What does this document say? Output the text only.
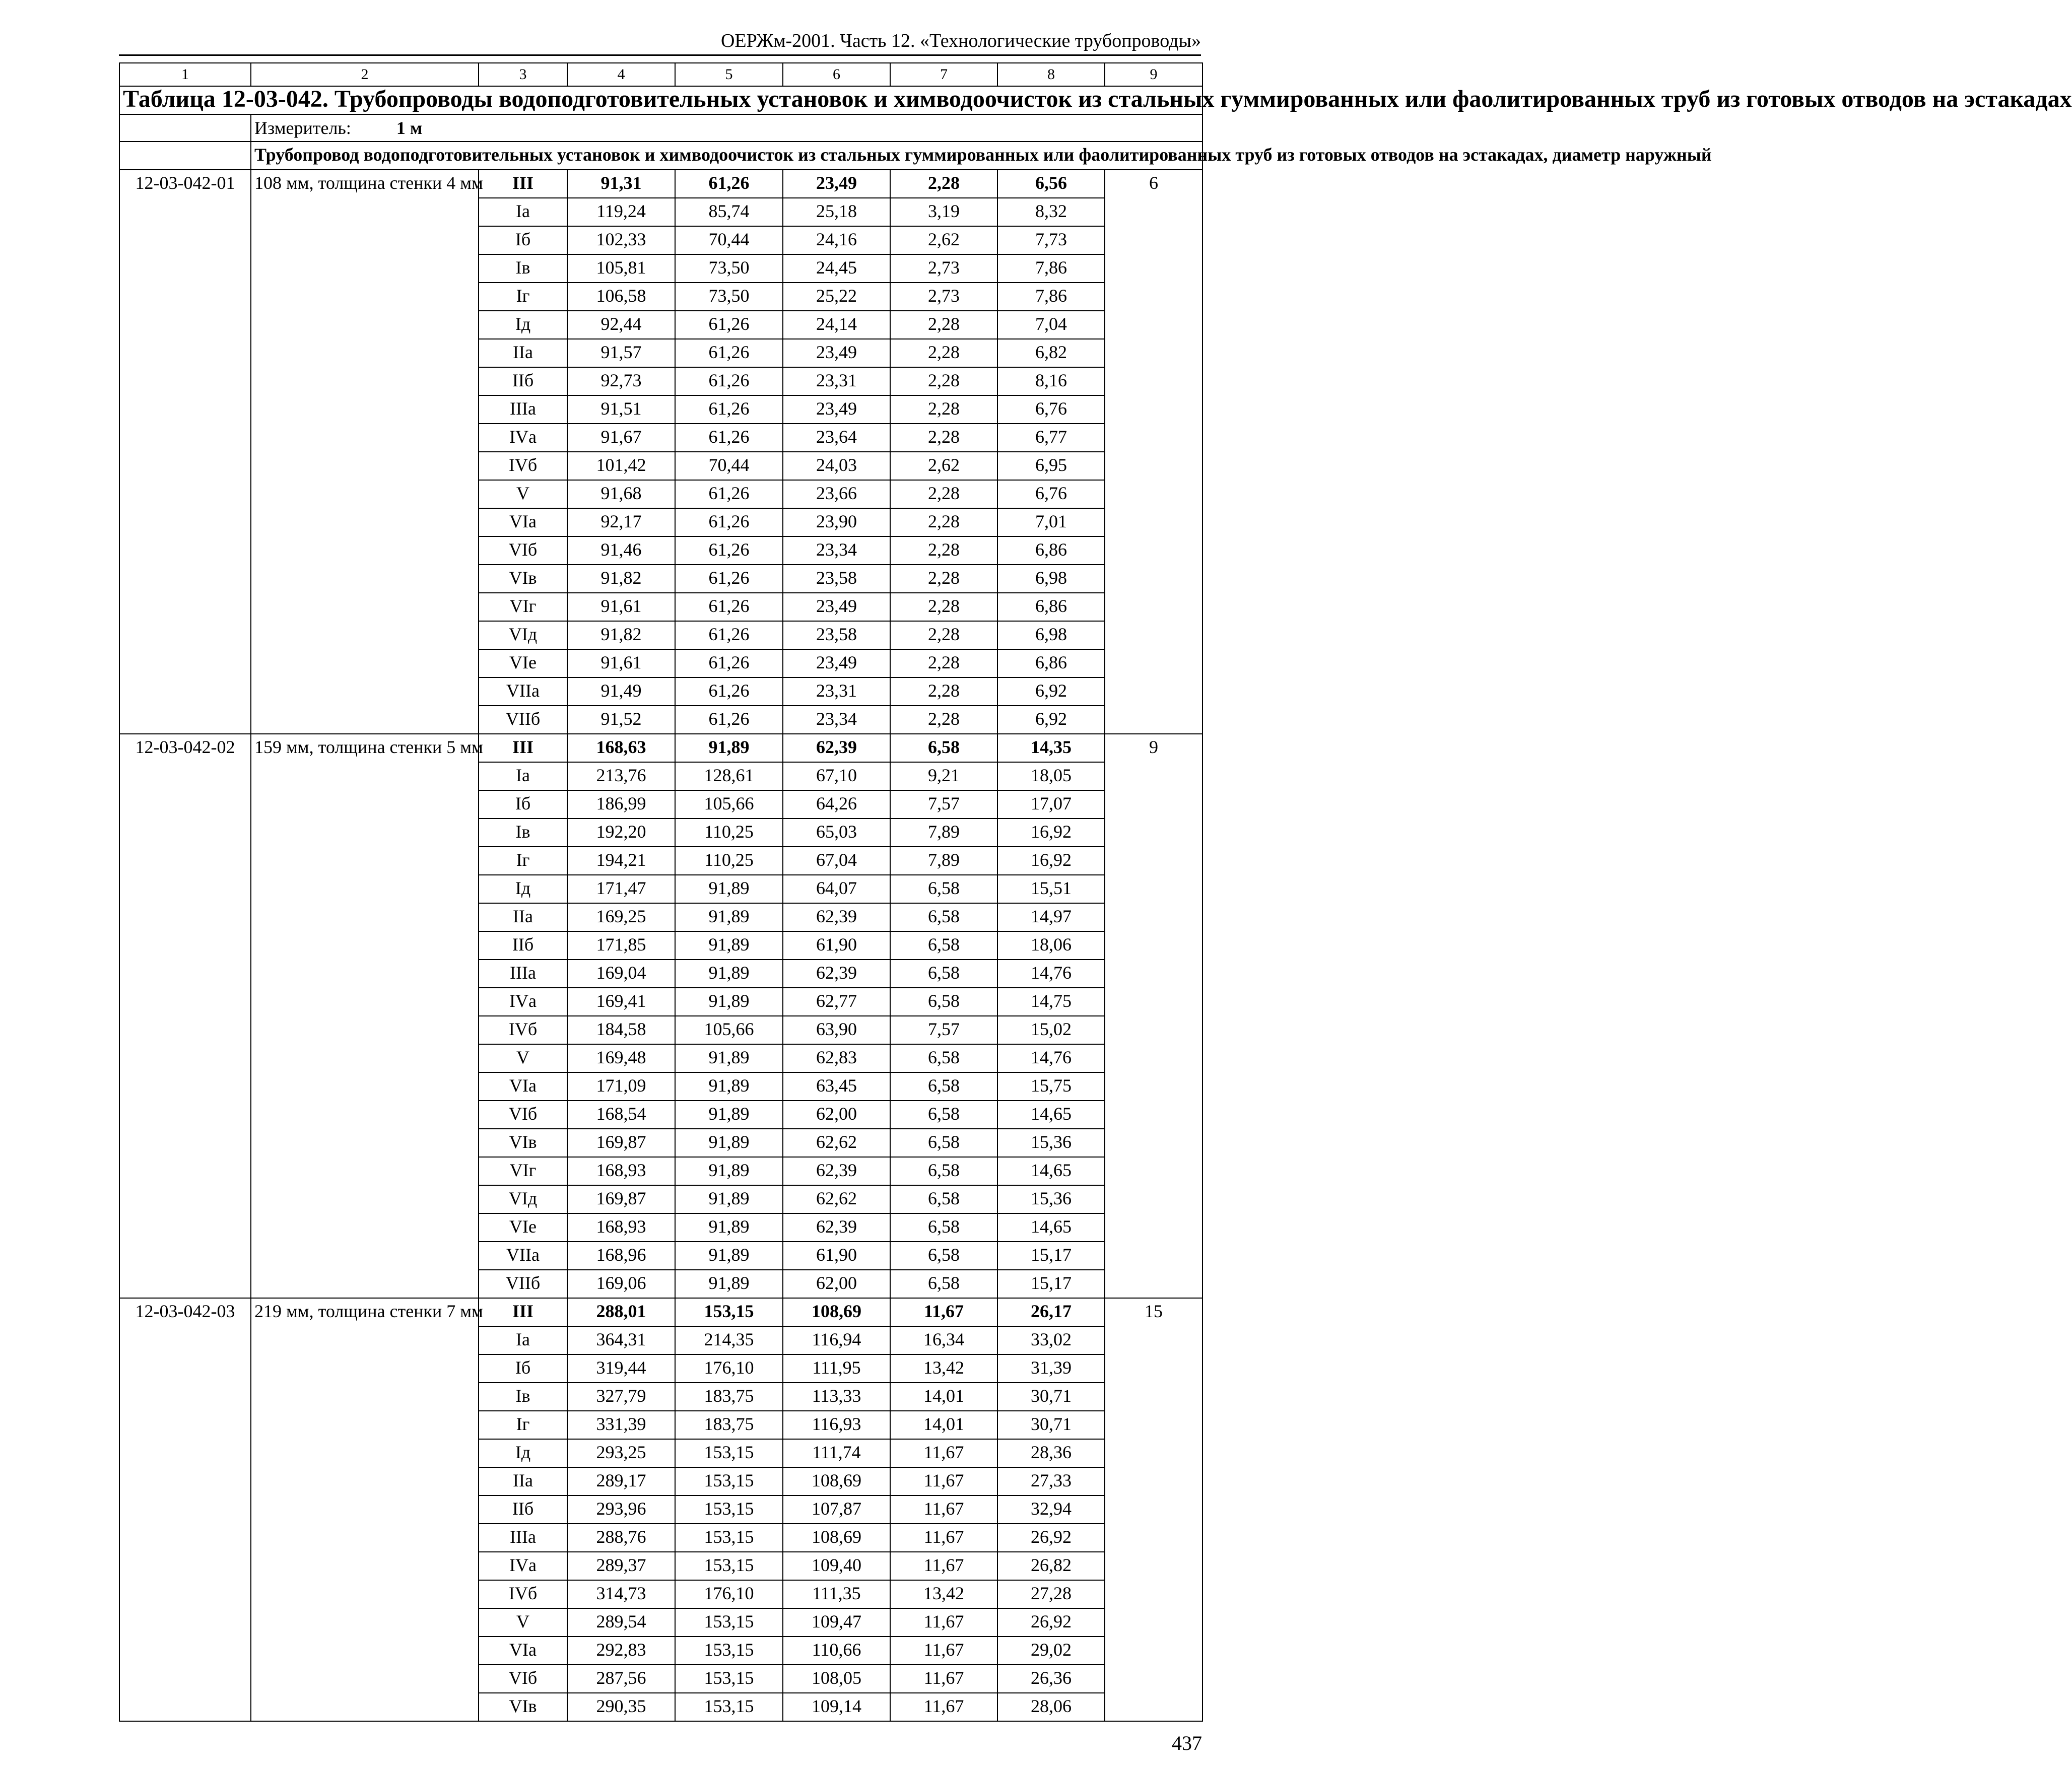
ОЕРЖм-2001. Часть 12. «Технологические трубопроводы»
1	2	3	4	5	6	7	8	9
Таблица 12-03-042. Трубопроводы водоподготовительных установок и химводоочисток из стальных гуммированных или фаолитированных труб из готовых отводов на эстакадах								
	Измеритель: 1 м							
	Трубопровод водоподготовительных установок и химводоочисток из стальных гуммированных или фаолитированных труб из готовых отводов на эстакадах, диаметр наружный							
12-03-042-01	108 мм, толщина стенки 4 мм	III	91,31	61,26	23,49	2,28	6,56	6
		Iа	119,24	85,74	25,18	3,19	8,32	
		Iб	102,33	70,44	24,16	2,62	7,73	
		Iв	105,81	73,50	24,45	2,73	7,86	
		Iг	106,58	73,50	25,22	2,73	7,86	
		Iд	92,44	61,26	24,14	2,28	7,04	
		IIа	91,57	61,26	23,49	2,28	6,82	
		IIб	92,73	61,26	23,31	2,28	8,16	
		IIIа	91,51	61,26	23,49	2,28	6,76	
		IVа	91,67	61,26	23,64	2,28	6,77	
		IVб	101,42	70,44	24,03	2,62	6,95	
		V	91,68	61,26	23,66	2,28	6,76	
		VIа	92,17	61,26	23,90	2,28	7,01	
		VIб	91,46	61,26	23,34	2,28	6,86	
		VIв	91,82	61,26	23,58	2,28	6,98	
		VIг	91,61	61,26	23,49	2,28	6,86	
		VIд	91,82	61,26	23,58	2,28	6,98	
		VIе	91,61	61,26	23,49	2,28	6,86	
		VIIа	91,49	61,26	23,31	2,28	6,92	
		VIIб	91,52	61,26	23,34	2,28	6,92	
12-03-042-02	159 мм, толщина стенки 5 мм	III	168,63	91,89	62,39	6,58	14,35	9
		Iа	213,76	128,61	67,10	9,21	18,05	
		Iб	186,99	105,66	64,26	7,57	17,07	
		Iв	192,20	110,25	65,03	7,89	16,92	
		Iг	194,21	110,25	67,04	7,89	16,92	
		Iд	171,47	91,89	64,07	6,58	15,51	
		IIа	169,25	91,89	62,39	6,58	14,97	
		IIб	171,85	91,89	61,90	6,58	18,06	
		IIIа	169,04	91,89	62,39	6,58	14,76	
		IVа	169,41	91,89	62,77	6,58	14,75	
		IVб	184,58	105,66	63,90	7,57	15,02	
		V	169,48	91,89	62,83	6,58	14,76	
		VIа	171,09	91,89	63,45	6,58	15,75	
		VIб	168,54	91,89	62,00	6,58	14,65	
		VIв	169,87	91,89	62,62	6,58	15,36	
		VIг	168,93	91,89	62,39	6,58	14,65	
		VIд	169,87	91,89	62,62	6,58	15,36	
		VIе	168,93	91,89	62,39	6,58	14,65	
		VIIа	168,96	91,89	61,90	6,58	15,17	
		VIIб	169,06	91,89	62,00	6,58	15,17	
12-03-042-03	219 мм, толщина стенки 7 мм	III	288,01	153,15	108,69	11,67	26,17	15
		Iа	364,31	214,35	116,94	16,34	33,02	
		Iб	319,44	176,10	111,95	13,42	31,39	
		Iв	327,79	183,75	113,33	14,01	30,71	
		Iг	331,39	183,75	116,93	14,01	30,71	
		Iд	293,25	153,15	111,74	11,67	28,36	
		IIа	289,17	153,15	108,69	11,67	27,33	
		IIб	293,96	153,15	107,87	11,67	32,94	
		IIIа	288,76	153,15	108,69	11,67	26,92	
		IVа	289,37	153,15	109,40	11,67	26,82	
		IVб	314,73	176,10	111,35	13,42	27,28	
		V	289,54	153,15	109,47	11,67	26,92	
		VIа	292,83	153,15	110,66	11,67	29,02	
		VIб	287,56	153,15	108,05	11,67	26,36	
		VIв	290,35	153,15	109,14	11,67	28,06	
437
